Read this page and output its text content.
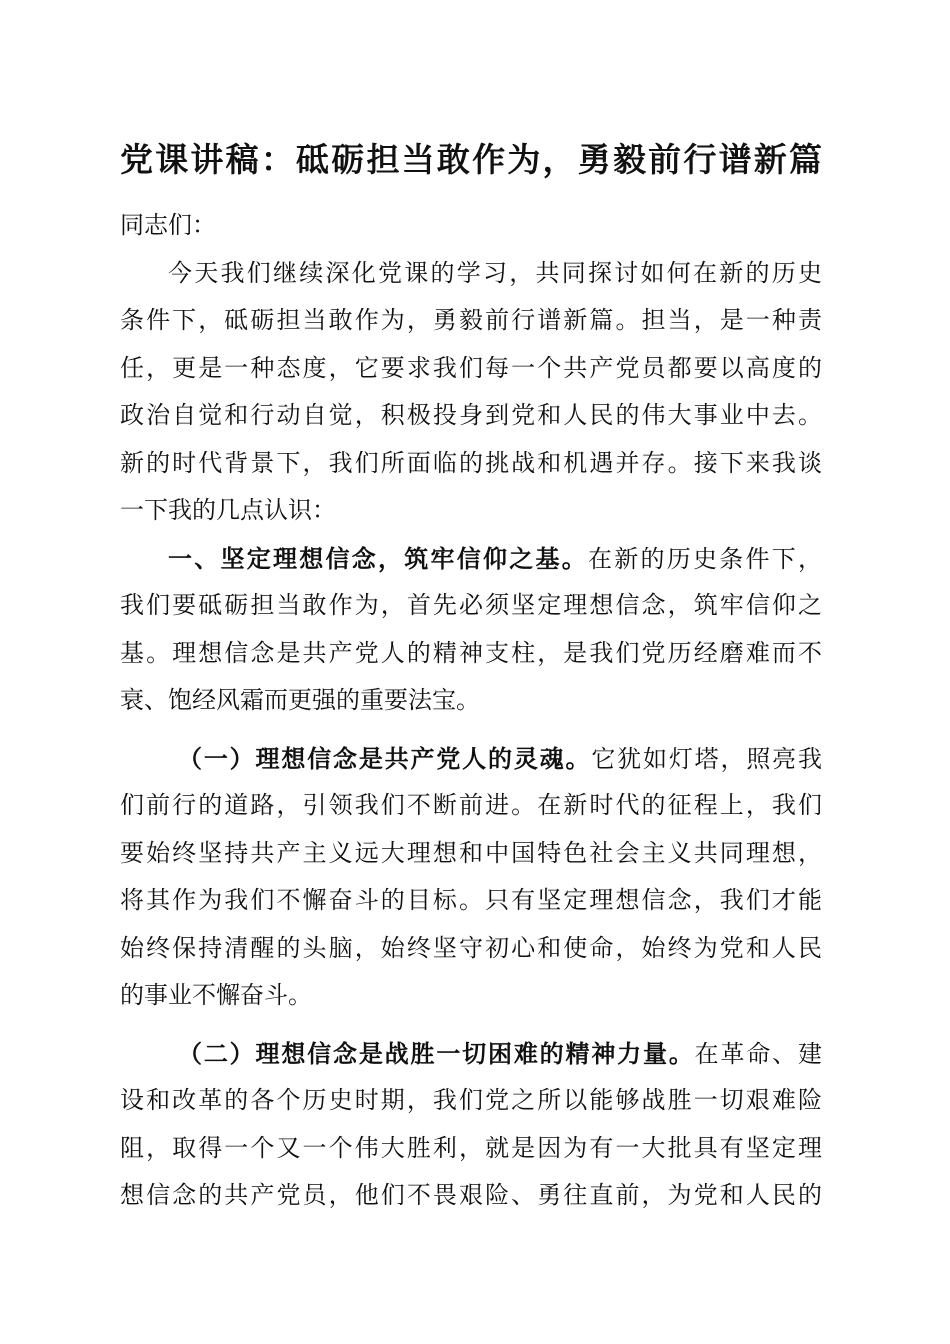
党课讲稿：砥砺担当敢作为，勇毅前行谱新篇
同志们：
今天我们继续深化党课的学习，共同探讨如何在新的历史
条件下，砥砺担当敢作为，勇毅前行谱新篇。担当，是一种责
任，更是一种态度，它要求我们每一个共产党员都要以高度的
政治自觉和行动自觉，积极投身到党和人民的伟大事业中去。
新的时代背景下，我们所面临的挑战和机遇并存。接下来我谈
一下我的几点认识：
一、坚定理想信念，筑牢信仰之基。在新的历史条件下，
我们要砥砺担当敢作为，首先必须坚定理想信念，筑牢信仰之
基。理想信念是共产党人的精神支柱，是我们党历经磨难而不
衰、饱经风霜而更强的重要法宝。
（一）理想信念是共产党人的灵魂。它犹如灯塔，照亮我
们前行的道路，引领我们不断前进。在新时代的征程上，我们
要始终坚持共产主义远大理想和中国特色社会主义共同理想，
将其作为我们不懈奋斗的目标。只有坚定理想信念，我们才能
始终保持清醒的头脑，始终坚守初心和使命，始终为党和人民
的事业不懈奋斗。
（二）理想信念是战胜一切困难的精神力量。在革命、建
设和改革的各个历史时期，我们党之所以能够战胜一切艰难险
阻，取得一个又一个伟大胜利，就是因为有一大批具有坚定理
想信念的共产党员，他们不畏艰险、勇往直前，为党和人民的
